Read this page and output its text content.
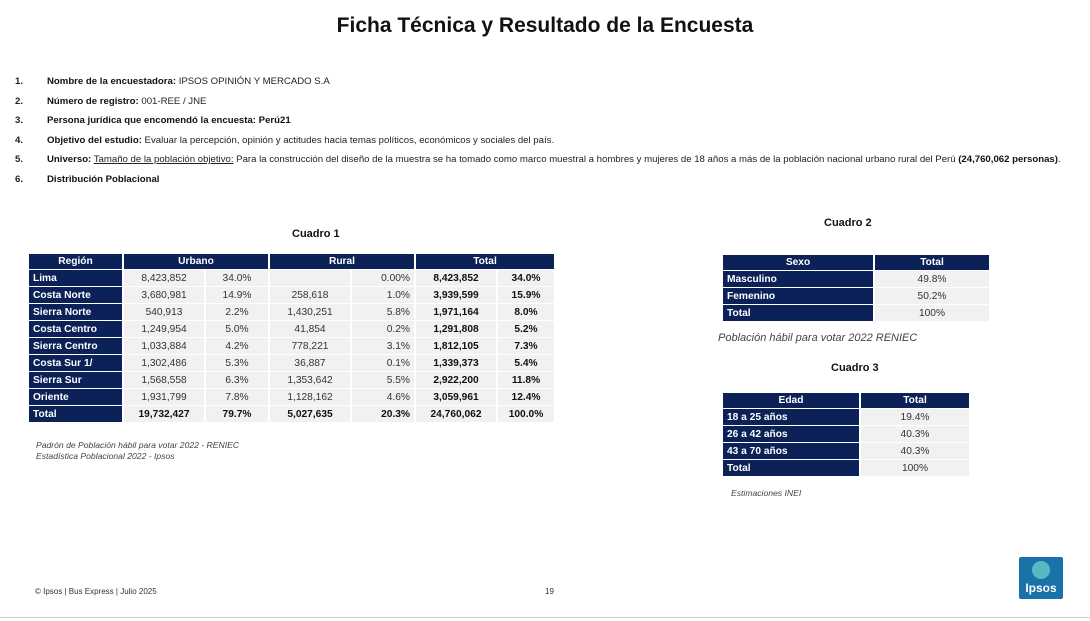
Ficha Técnica y Resultado de la Encuesta
1. Nombre de la encuestadora: IPSOS OPINIÓN Y MERCADO S.A
2. Número de registro: 001-REE / JNE
3. Persona jurídica que encomendó la encuesta: Perú21
4. Objetivo del estudio: Evaluar la percepción, opinión y actitudes hacia temas políticos, económicos y sociales del país.
5. Universo: Tamaño de la población objetivo: Para la construcción del diseño de la muestra se ha tomado como marco muestral a hombres y mujeres de 18 años a más de la población nacional urbano rural del Perú (24,760,062 personas).
6. Distribución Poblacional
Cuadro 1
Región	Urbano		Rural		Total	
Lima	8,423,852	34.0%		0.00%	8,423,852	34.0%
Costa Norte	3,680,981	14.9%	258,618	1.0%	3,939,599	15.9%
Sierra Norte	540,913	2.2%	1,430,251	5.8%	1,971,164	8.0%
Costa Centro	1,249,954	5.0%	41,854	0.2%	1,291,808	5.2%
Sierra Centro	1,033,884	4.2%	778,221	3.1%	1,812,105	7.3%
Costa Sur 1/	1,302,486	5.3%	36,887	0.1%	1,339,373	5.4%
Sierra Sur	1,568,558	6.3%	1,353,642	5.5%	2,922,200	11.8%
Oriente	1,931,799	7.8%	1,128,162	4.6%	3,059,961	12.4%
Total	19,732,427	79.7%	5,027,635	20.3%	24,760,062	100.0%
Padrón de Población hábil para votar 2022 - RENIEC
Estadística Poblacional 2022 - Ipsos
Cuadro 2
Sexo	Total
Masculino	49.8%
Femenino	50.2%
Total	100%
Población hábil para votar 2022 RENIEC
Cuadro 3
Edad	Total
18 a 25 años	19.4%
26 a 42 años	40.3%
43 a 70 años	40.3%
Total	100%
Estimaciones INEI
© Ipsos | Bus Express | Julio 2025	19	Ipsos
